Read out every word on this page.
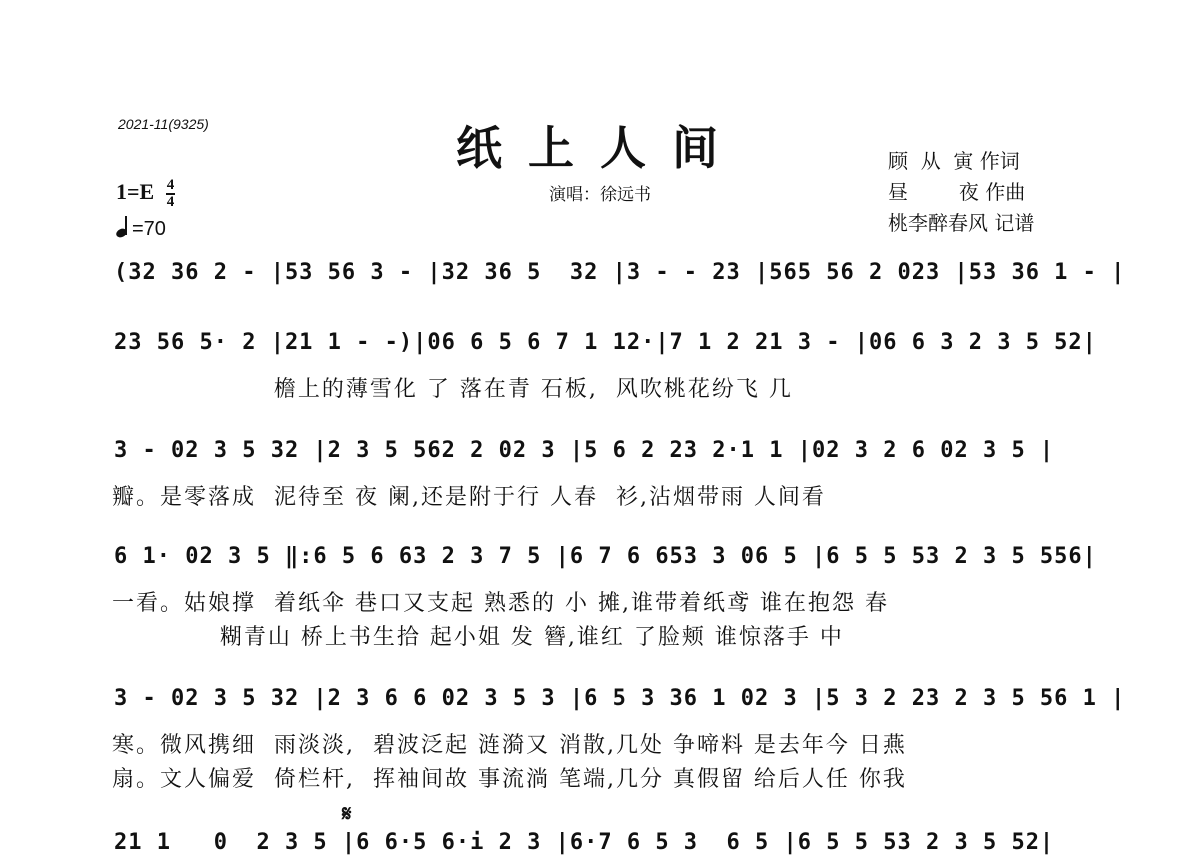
2021-11(9325)	纸上人间
演唱：徐远书
顾  从  寅 作词
昼        夜 作曲
桃李醉春风 记谱
$1=E \frac{4}{4}$
=70
(32 36 2 - |53 56 3 - |32 36 5  32 |3 - - 23 |565 56 2 023 |53 36 1 - |
23 56 5· 2 |21 1 - -)|06 6 5 6 7 1 12·|7 1 2 21 3 - |06 6 3 2 3 5 52|
檐上的薄雪化 了 落在青 石板,  风吹桃花纷飞 几
3 - 02 3 5 32 |2 3 5 562 2 02 3 |5 6 2 23 2·1 1 |02 3 2 6 02 3 5 |
瓣。是零落成  泥待至 夜 阑,还是附于行 人春  衫,沾烟带雨 人间看
6 1· 02 3 5 ‖:6 5 6 63 2 3 7 5 |6 7 6 653 3 06 5 |6 5 5 53 2 3 5 556|
一看。姑娘撑  着纸伞 巷口又支起 熟悉的 小 摊,谁带着纸鸢 谁在抱怨 春
糊青山 桥上书生拾 起小姐 发 簪,谁红 了脸颊 谁惊落手 中
3 - 02 3 5 32 |2 3 6 6 02 3 5 3 |6 5 3 36 1 02 3 |5 3 2 23 2 3 5 56 1 |
寒。微风携细  雨淡淡,  碧波泛起 涟漪又 消散,几处 争啼料 是去年今 日燕
扇。文人偏爱  倚栏杆,  挥袖间故 事流淌 笔端,几分 真假留 给后人任 你我
𝄋
21 1   0  2 3 5 |6 6·5 6·i 2 3 |6·7 6 5 3  6 5 |6 5 5 53 2 3 5 52|
